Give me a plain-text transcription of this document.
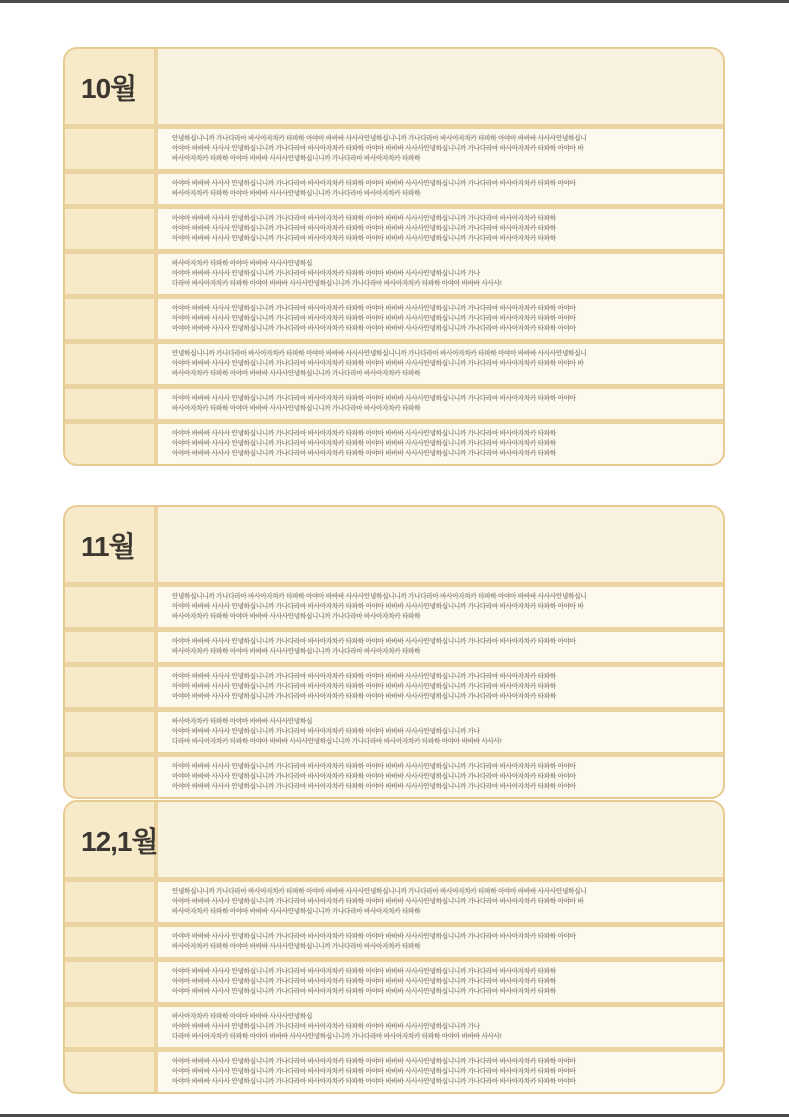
10월
안녕하십니니까 가나다라마 바사아자차카 타파하 아야아 바바바 사사사안녕하십니니까 가나다라마 바사아자차카 타파하 아야아 바바바 사사사안녕하십니
아야아 바바바 사사사 안녕하십니니까 가나다라마 바사아자차카 타파하 아야아 바바바 사사사안녕하십니니까 가나다라마 바사아자차카 타파하 아야아 바
바사아자차카 타파하 아야아 바바바 사사사안녕하십니니까 가나다라마 바사아자차카 타파하
아야아 바바바 사사사 안녕하십니니까 가나다라마 바사아자차카 타파하 아야아 바바바 사사사안녕하십니니까 가나다라마 바사아자차카 타파하 아야아
바사아자차카 타파하 아야아 바바바 사사사안녕하십니니까 가나다라마 바사아자차카 타파하
아야아 바바바 사사사 안녕하십니니까 가나다라마 바사아자차카 타파하 아야아 바바바 사사사안녕하십니니까 가나다라마 바사아자차카 타파하
아야아 바바바 사사사 안녕하십니니까 가나다라마 바사아자차카 타파하 아야아 바바바 사사사안녕하십니니까 가나다라마 바사아자차카 타파하
아야아 바바바 사사사 안녕하십니니까 가나다라마 바사아자차카 타파하 아야아 바바바 사사사안녕하십니니까 가나다라마 바사아자차카 타파하
바사아자차카 타파하 아야아 바바바 사사사안녕하십
아야아 바바바 사사사 안녕하십니니까 가나다라마 바사아자차카 타파하 아야아 바바바 사사사안녕하십니니까 가나
다라마 바사아자차카 타파하 아야아 바바바 사사사안녕하십니니까 가나다라마 바사아자차카 타파하 아야아 바바바 사사사!
아야아 바바바 사사사 안녕하십니니까 가나다라마 바사아자차카 타파하 아야아 바바바 사사사안녕하십니니까 가나다라마 바사아자차카 타파하 아야아
아야아 바바바 사사사 안녕하십니니까 가나다라마 바사아자차카 타파하 아야아 바바바 사사사안녕하십니니까 가나다라마 바사아자차카 타파하 아야아
아야아 바바바 사사사 안녕하십니니까 가나다라마 바사아자차카 타파하 아야아 바바바 사사사안녕하십니니까 가나다라마 바사아자차카 타파하 아야아
안녕하십니니까 가나다라마 바사아자차카 타파하 아야아 바바바 사사사안녕하십니니까 가나다라마 바사아자차카 타파하 아야아 바바바 사사사안녕하십니
아야아 바바바 사사사 안녕하십니니까 가나다라마 바사아자차카 타파하 아야아 바바바 사사사안녕하십니니까 가나다라마 바사아자차카 타파하 아야아 바
바사아자차카 타파하 아야아 바바바 사사사안녕하십니니까 가나다라마 바사아자차카 타파하
아야아 바바바 사사사 안녕하십니니까 가나다라마 바사아자차카 타파하 아야아 바바바 사사사안녕하십니니까 가나다라마 바사아자차카 타파하 아야아
바사아자차카 타파하 아야아 바바바 사사사안녕하십니니까 가나다라마 바사아자차카 타파하
아야아 바바바 사사사 안녕하십니니까 가나다라마 바사아자차카 타파하 아야아 바바바 사사사안녕하십니니까 가나다라마 바사아자차카 타파하
아야아 바바바 사사사 안녕하십니니까 가나다라마 바사아자차카 타파하 아야아 바바바 사사사안녕하십니니까 가나다라마 바사아자차카 타파하
아야아 바바바 사사사 안녕하십니니까 가나다라마 바사아자차카 타파하 아야아 바바바 사사사안녕하십니니까 가나다라마 바사아자차카 타파하
11월
안녕하십니니까 가나다라마 바사아자차카 타파하 아야아 바바바 사사사안녕하십니니까 가나다라마 바사아자차카 타파하 아야아 바바바 사사사안녕하십니
아야아 바바바 사사사 안녕하십니니까 가나다라마 바사아자차카 타파하 아야아 바바바 사사사안녕하십니니까 가나다라마 바사아자차카 타파하 아야아 바
바사아자차카 타파하 아야아 바바바 사사사안녕하십니니까 가나다라마 바사아자차카 타파하
아야아 바바바 사사사 안녕하십니니까 가나다라마 바사아자차카 타파하 아야아 바바바 사사사안녕하십니니까 가나다라마 바사아자차카 타파하 아야아
바사아자차카 타파하 아야아 바바바 사사사안녕하십니니까 가나다라마 바사아자차카 타파하
아야아 바바바 사사사 안녕하십니니까 가나다라마 바사아자차카 타파하 아야아 바바바 사사사안녕하십니니까 가나다라마 바사아자차카 타파하
아야아 바바바 사사사 안녕하십니니까 가나다라마 바사아자차카 타파하 아야아 바바바 사사사안녕하십니니까 가나다라마 바사아자차카 타파하
아야아 바바바 사사사 안녕하십니니까 가나다라마 바사아자차카 타파하 아야아 바바바 사사사안녕하십니니까 가나다라마 바사아자차카 타파하
바사아자차카 타파하 아야아 바바바 사사사안녕하십
아야아 바바바 사사사 안녕하십니니까 가나다라마 바사아자차카 타파하 아야아 바바바 사사사안녕하십니니까 가나
다라마 바사아자차카 타파하 아야아 바바바 사사사안녕하십니니까 가나다라마 바사아자차카 타파하 아야아 바바바 사사사!
아야아 바바바 사사사 안녕하십니니까 가나다라마 바사아자차카 타파하 아야아 바바바 사사사안녕하십니니까 가나다라마 바사아자차카 타파하 아야아
아야아 바바바 사사사 안녕하십니니까 가나다라마 바사아자차카 타파하 아야아 바바바 사사사안녕하십니니까 가나다라마 바사아자차카 타파하 아야아
아야아 바바바 사사사 안녕하십니니까 가나다라마 바사아자차카 타파하 아야아 바바바 사사사안녕하십니니까 가나다라마 바사아자차카 타파하 아야아
12,1월
안녕하십니니까 가나다라마 바사아자차카 타파하 아야아 바바바 사사사안녕하십니니까 가나다라마 바사아자차카 타파하 아야아 바바바 사사사안녕하십니
아야아 바바바 사사사 안녕하십니니까 가나다라마 바사아자차카 타파하 아야아 바바바 사사사안녕하십니니까 가나다라마 바사아자차카 타파하 아야아 바
바사아자차카 타파하 아야아 바바바 사사사안녕하십니니까 가나다라마 바사아자차카 타파하
아야아 바바바 사사사 안녕하십니니까 가나다라마 바사아자차카 타파하 아야아 바바바 사사사안녕하십니니까 가나다라마 바사아자차카 타파하 아야아
바사아자차카 타파하 아야아 바바바 사사사안녕하십니니까 가나다라마 바사아자차카 타파하
아야아 바바바 사사사 안녕하십니니까 가나다라마 바사아자차카 타파하 아야아 바바바 사사사안녕하십니니까 가나다라마 바사아자차카 타파하
아야아 바바바 사사사 안녕하십니니까 가나다라마 바사아자차카 타파하 아야아 바바바 사사사안녕하십니니까 가나다라마 바사아자차카 타파하
아야아 바바바 사사사 안녕하십니니까 가나다라마 바사아자차카 타파하 아야아 바바바 사사사안녕하십니니까 가나다라마 바사아자차카 타파하
바사아자차카 타파하 아야아 바바바 사사사안녕하십
아야아 바바바 사사사 안녕하십니니까 가나다라마 바사아자차카 타파하 아야아 바바바 사사사안녕하십니니까 가나
다라마 바사아자차카 타파하 아야아 바바바 사사사안녕하십니니까 가나다라마 바사아자차카 타파하 아야아 바바바 사사사!
아야아 바바바 사사사 안녕하십니니까 가나다라마 바사아자차카 타파하 아야아 바바바 사사사안녕하십니니까 가나다라마 바사아자차카 타파하 아야아
아야아 바바바 사사사 안녕하십니니까 가나다라마 바사아자차카 타파하 아야아 바바바 사사사안녕하십니니까 가나다라마 바사아자차카 타파하 아야아
아야아 바바바 사사사 안녕하십니니까 가나다라마 바사아자차카 타파하 아야아 바바바 사사사안녕하십니니까 가나다라마 바사아자차카 타파하 아야아
